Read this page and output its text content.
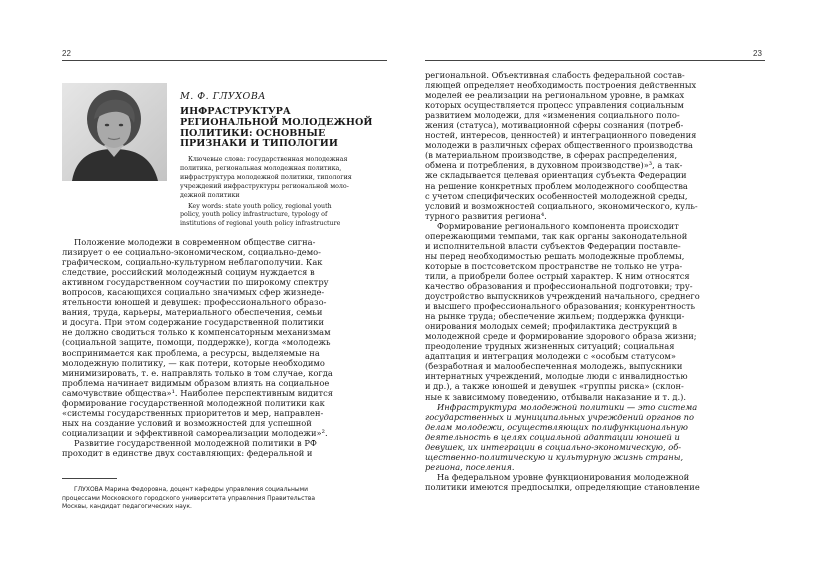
22
М. Ф. ГЛУХОВА
ИНФРАСТРУКТУРА
РЕГИОНАЛЬНОЙ МОЛОДЕЖНОЙ
ПОЛИТИКИ: ОСНОВНЫЕ
ПРИЗНАКИ И ТИПОЛОГИИ
Ключевые слова: государственная молодежная
политика, региональная молодежная политика,
инфраструктура молодежной политики, типология
учреждений инфраструктуры региональной моло-
дежной политики
Key words: state youth policy, regional youth
policy, youth policy infrastructure, typology of
institutions of regional youth policy infrastructure
Положение молодежи в современном обществе сигна-
лизирует о ее социально-экономическом, социально-демо-
графическом, социально-культурном неблагополучии. Как
следствие, российский молодежный социум нуждается в
активном государственном соучастии по широкому спектру
вопросов, касающихся социально значимых сфер жизнеде-
ятельности юношей и девушек: профессионального образо-
вания, труда, карьеры, материального обеспечения, семьи
и досуга. При этом содержание государственной политики
не должно сводиться только к компенсаторным механизмам
(социальной защите, помощи, поддержке), когда «молодежь
воспринимается как проблема, а ресурсы, выделяемые на
молодежную политику, — как потери, которые необходимо
минимизировать, т. е. направлять только в том случае, когда
проблема начинает видимым образом влиять на социальное
самочувствие общества»¹. Наиболее перспективным видится
формирование государственной молодежной политики как
«системы государственных приоритетов и мер, направлен-
ных на создание условий и возможностей для успешной
социализации и эффективной самореализации молодежи»².
Развитие государственной молодежной политики в РФ
проходит в единстве двух составляющих: федеральной и
ГЛУХОВА Марина Федоровна, доцент кафедры управления социальными
процессами Московского городского университета управления Правительства
Москвы, кандидат педагогических наук.
23
региональной. Объективная слабость федеральной состав-
ляющей определяет необходимость построения действенных
моделей ее реализации на региональном уровне, в рамках
которых осуществляется процесс управления социальным
развитием молодежи, для «изменения социального поло-
жения (статуса), мотивационной сферы сознания (потреб-
ностей, интересов, ценностей) и интеграционного поведения
молодежи в различных сферах общественного производства
(в материальном производстве, в сферах распределения,
обмена и потребления, в духовном производстве)»³, а так-
же складывается целевая ориентация субъекта Федерации
на решение конкретных проблем молодежного сообщества
с учетом специфических особенностей молодежной среды,
условий и возможностей социального, экономического, куль-
турного развития региона⁴.
Формирование регионального компонента происходит
опережающими темпами, так как органы законодательной
и исполнительной власти субъектов Федерации поставле-
ны перед необходимостью решать молодежные проблемы,
которые в постсоветском пространстве не только не утра-
тили, а приобрели более острый характер. К ним относятся
качество образования и профессиональной подготовки; тру-
доустройство выпускников учреждений начального, среднего
и высшего профессионального образования; конкурентность
на рынке труда; обеспечение жильем; поддержка функци-
онирования молодых семей; профилактика деструкций в
молодежной среде и формирование здорового образа жизни;
преодоление трудных жизненных ситуаций; социальная
адаптация и интеграция молодежи с «особым статусом»
(безработная и малообеспеченная молодежь, выпускники
интернатных учреждений, молодые люди с инвалидностью
и др.), а также юношей и девушек «группы риска» (склон-
ные к зависимому поведению, отбывали наказание и т. д.).
Инфраструктура молодежной политики — это система
государственных и муниципальных учреждений органов по
делам молодежи, осуществляющих полифункциональную
деятельность в целях социальной адаптации юношей и
девушек, их интеграции в социально-экономическую, об-
щественно-политическую и культурную жизнь страны,
региона, поселения.
На федеральном уровне функционирования молодежной
политики имеются предпосылки, определяющие становление
